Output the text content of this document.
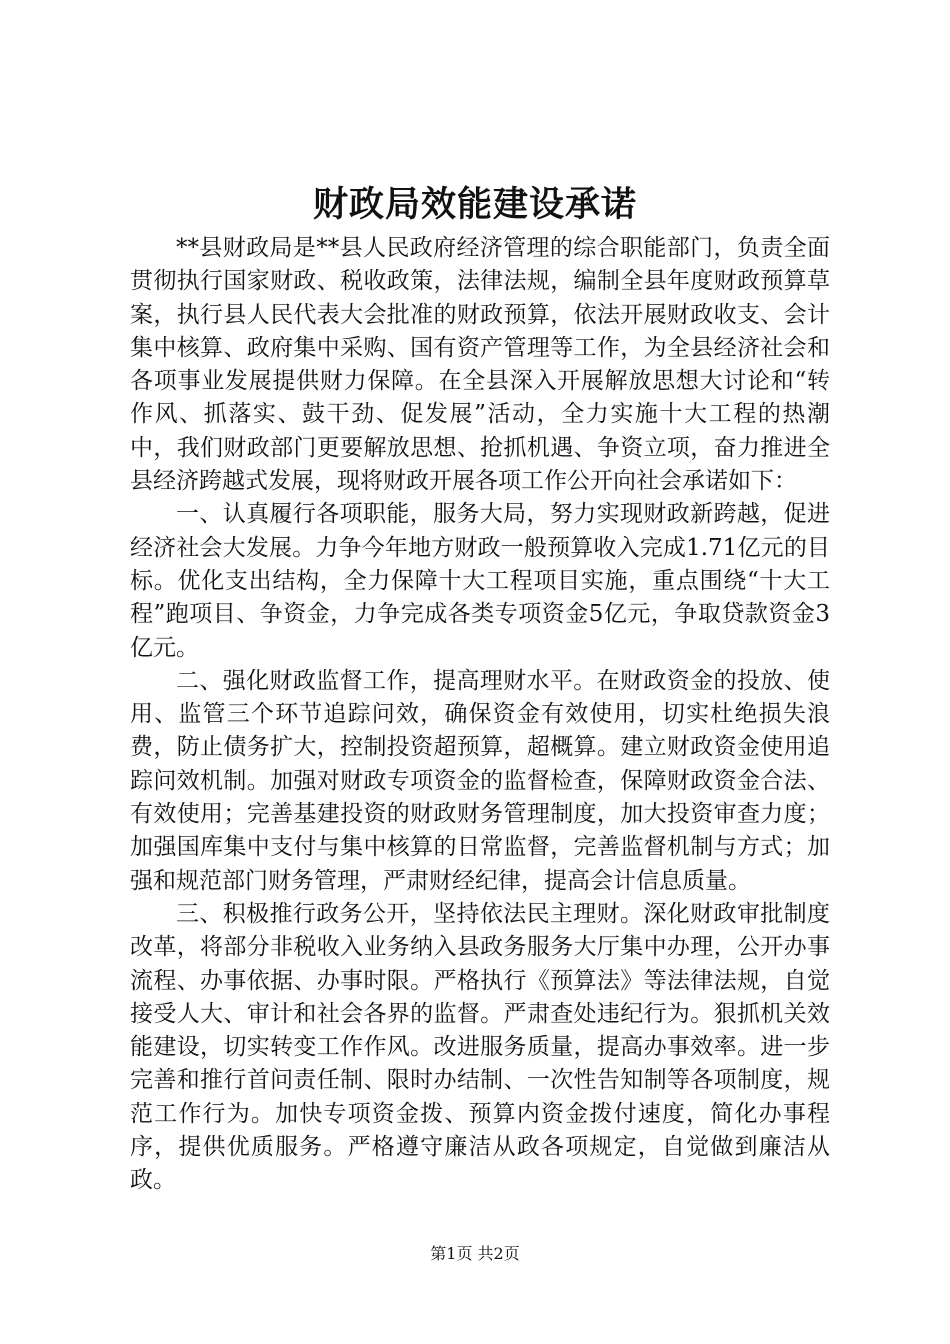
财政局效能建设承诺

**县财政局是**县人民政府经济管理的综合职能部门，负责全面贯彻执行国家财政、税收政策，法律法规，编制全县年度财政预算草案，执行县人民代表大会批准的财政预算，依法开展财政收支、会计集中核算、政府集中采购、国有资产管理等工作，为全县经济社会和各项事业发展提供财力保障。在全县深入开展解放思想大讨论和“转作风、抓落实、鼓干劲、促发展”活动，全力实施十大工程的热潮中，我们财政部门更要解放思想、抢抓机遇、争资立项，奋力推进全县经济跨越式发展，现将财政开展各项工作公开向社会承诺如下：

一、认真履行各项职能，服务大局，努力实现财政新跨越，促进经济社会大发展。力争今年地方财政一般预算收入完成1.71亿元的目标。优化支出结构，全力保障十大工程项目实施，重点围绕“十大工程”跑项目、争资金，力争完成各类专项资金5亿元，争取贷款资金3亿元。

二、强化财政监督工作，提高理财水平。在财政资金的投放、使用、监管三个环节追踪问效，确保资金有效使用，切实杜绝损失浪费，防止债务扩大，控制投资超预算，超概算。建立财政资金使用追踪问效机制。加强对财政专项资金的监督检查，保障财政资金合法、有效使用；完善基建投资的财政财务管理制度，加大投资审查力度；加强国库集中支付与集中核算的日常监督，完善监督机制与方式；加强和规范部门财务管理，严肃财经纪律，提高会计信息质量。

三、积极推行政务公开，坚持依法民主理财。深化财政审批制度改革，将部分非税收入业务纳入县政务服务大厅集中办理，公开办事流程、办事依据、办事时限。严格执行《预算法》等法律法规，自觉接受人大、审计和社会各界的监督。严肃查处违纪行为。狠抓机关效能建设，切实转变工作作风。改进服务质量，提高办事效率。进一步完善和推行首问责任制、限时办结制、一次性告知制等各项制度，规范工作行为。加快专项资金拨、预算内资金拨付速度，简化办事程序，提供优质服务。严格遵守廉洁从政各项规定，自觉做到廉洁从政。

第1页 共2页
